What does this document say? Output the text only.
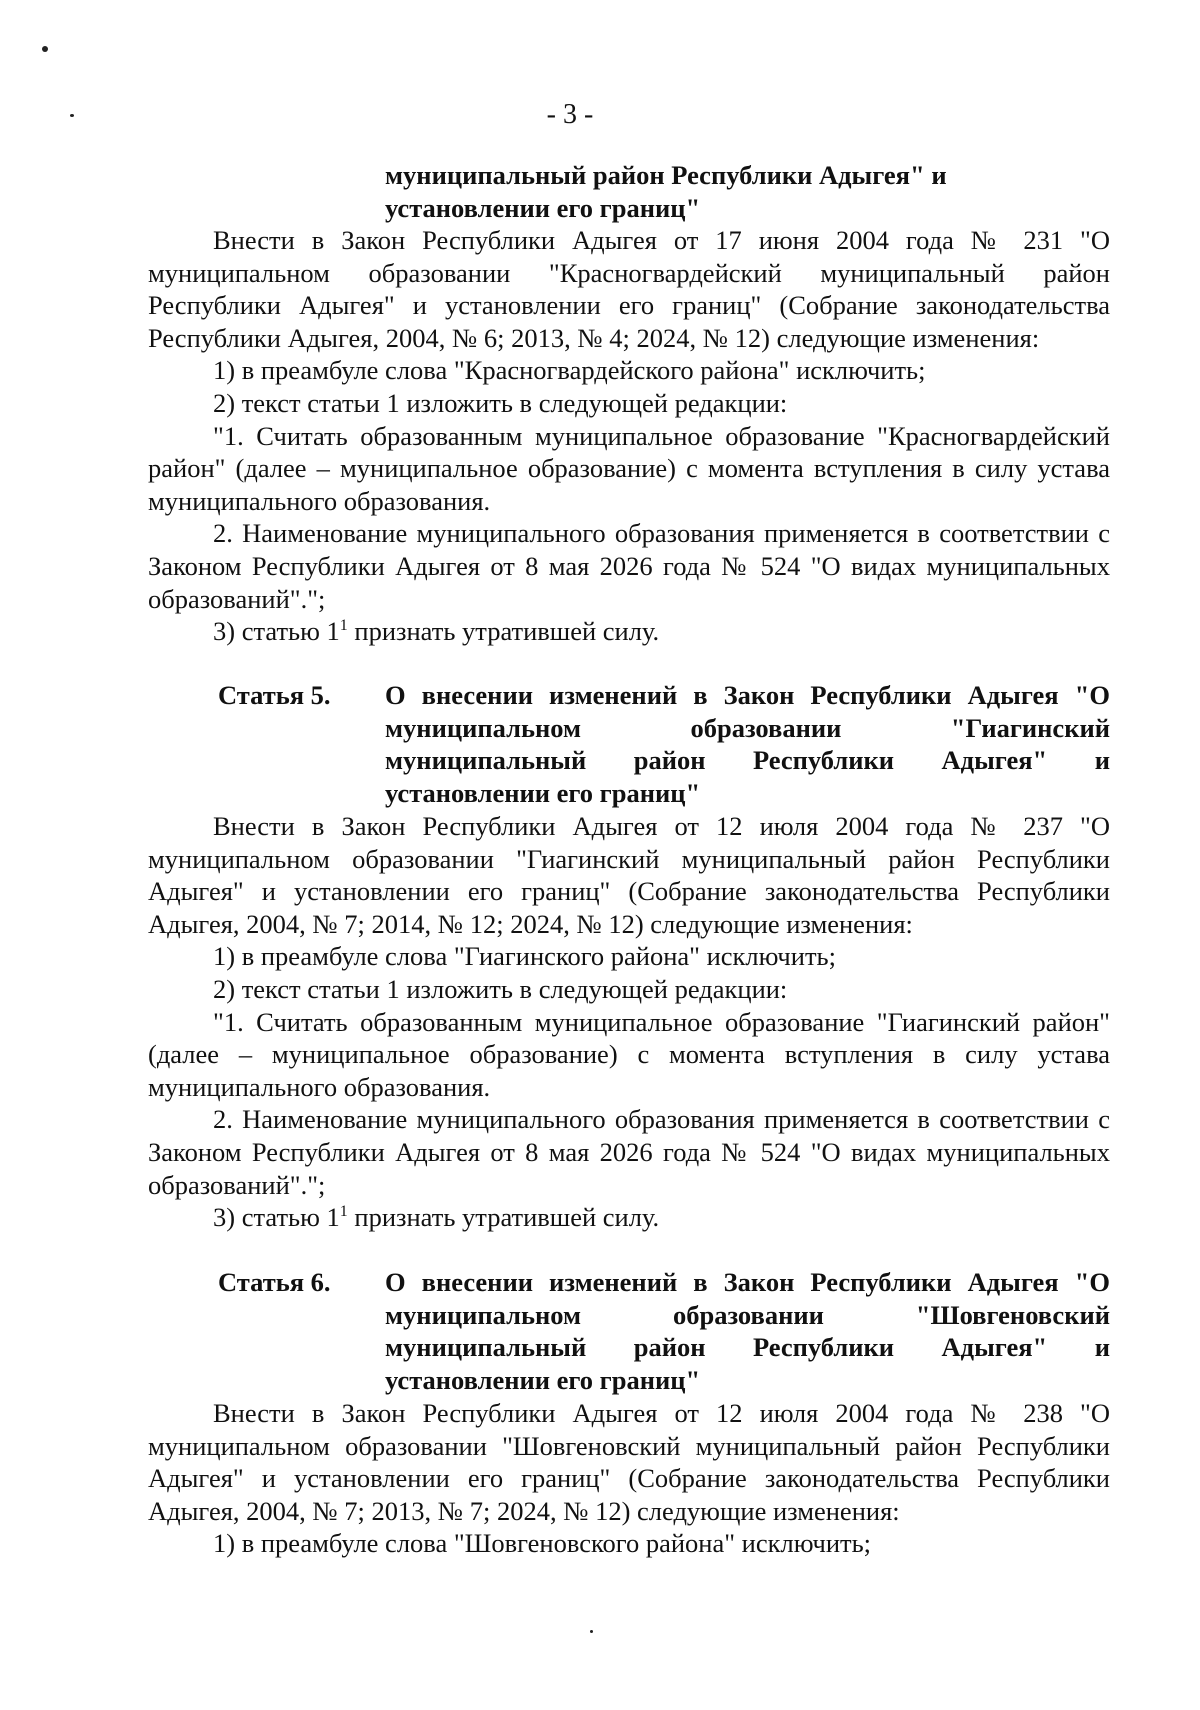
- 3 -
муниципальный район Республики Адыгея" и установлении его границ"

Внести в Закон Республики Адыгея от 17 июня 2004 года № 231 "О муниципальном образовании "Красногвардейский муниципальный район Республики Адыгея" и установлении его границ" (Собрание законодательства Республики Адыгея, 2004, № 6; 2013, № 4; 2024, № 12) следующие изменения:

1) в преамбуле слова "Красногвардейского района" исключить;

2) текст статьи 1 изложить в следующей редакции:

"1. Считать образованным муниципальное образование "Красногвардейский район" (далее – муниципальное образование) с момента вступления в силу устава муниципального образования.

2. Наименование муниципального образования применяется в соответствии с Законом Республики Адыгея от 8 мая 2026 года № 524 "О видах муниципальных образований".";

3) статью $1^1$ признать утратившей силу.

Статья 5. О внесении изменений в Закон Республики Адыгея "О муниципальном образовании "Гиагинский муниципальный район Республики Адыгея" и установлении его границ"

Внести в Закон Республики Адыгея от 12 июля 2004 года № 237 "О муниципальном образовании "Гиагинский муниципальный район Республики Адыгея" и установлении его границ" (Собрание законодательства Республики Адыгея, 2004, № 7; 2014, № 12; 2024, № 12) следующие изменения:

1) в преамбуле слова "Гиагинского района" исключить;

2) текст статьи 1 изложить в следующей редакции:

"1. Считать образованным муниципальное образование "Гиагинский район" (далее – муниципальное образование) с момента вступления в силу устава муниципального образования.

2. Наименование муниципального образования применяется в соответствии с Законом Республики Адыгея от 8 мая 2026 года № 524 "О видах муниципальных образований".";

3) статью $1^1$ признать утратившей силу.

Статья 6. О внесении изменений в Закон Республики Адыгея "О муниципальном образовании "Шовгеновский муниципальный район Республики Адыгея" и установлении его границ"

Внести в Закон Республики Адыгея от 12 июля 2004 года № 238 "О муниципальном образовании "Шовгеновский муниципальный район Республики Адыгея" и установлении его границ" (Собрание законодательства Республики Адыгея, 2004, № 7; 2013, № 7; 2024, № 12) следующие изменения:

1) в преамбуле слова "Шовгеновского района" исключить;
